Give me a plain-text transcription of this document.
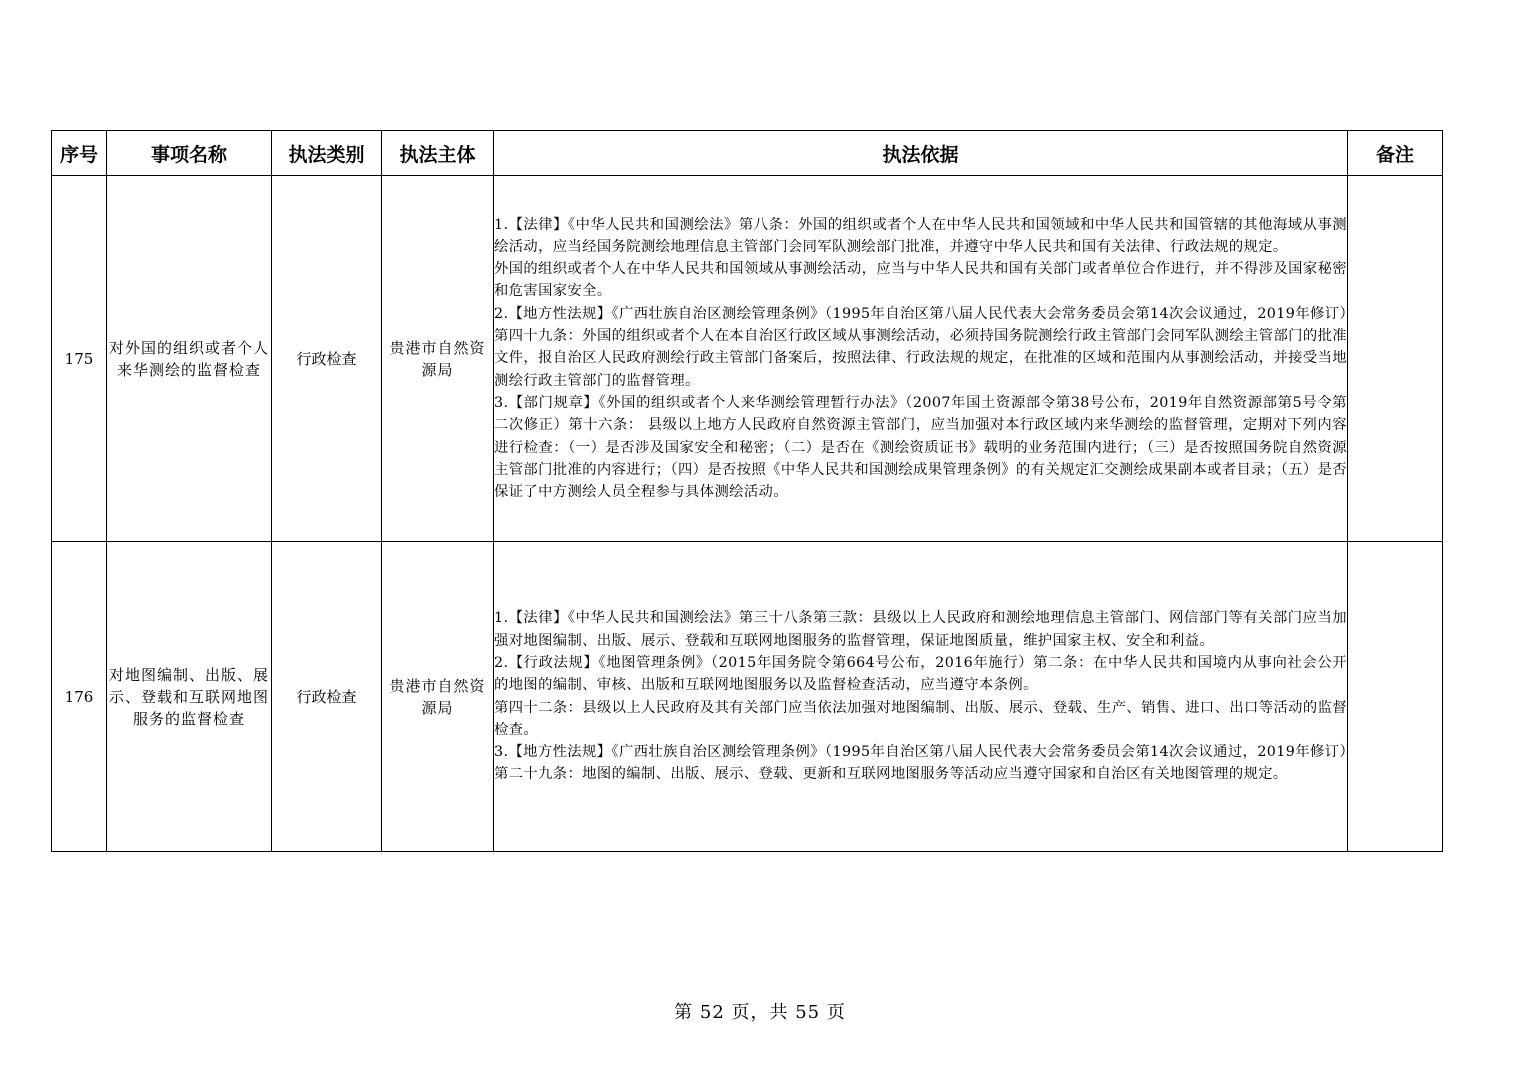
序号	事项名称	执法类别	执法主体	执法依据	备注
175	对外国的组织或者个人来华测绘的监督检查	行政检查	贵港市自然资源局	1.【法律】《中华人民共和国测绘法》第八条：外国的组织或者个人在中华人民共和国领域和中华人民共和国管辖的其他海域从事测绘活动，应当经国务院测绘地理信息主管部门会同军队测绘部门批准，并遵守中华人民共和国有关法律、行政法规的规定。

外国的组织或者个人在中华人民共和国领域从事测绘活动，应当与中华人民共和国有关部门或者单位合作进行，并不得涉及国家秘密和危害国家安全。

2.【地方性法规】《广西壮族自治区测绘管理条例》（1995年自治区第八届人民代表大会常务委员会第14次会议通过，2019年修订）第四十九条：外国的组织或者个人在本自治区行政区域从事测绘活动，必须持国务院测绘行政主管部门会同军队测绘主管部门的批准文件，报自治区人民政府测绘行政主管部门备案后，按照法律、行政法规的规定，在批准的区域和范围内从事测绘活动，并接受当地测绘行政主管部门的监督管理。

3.【部门规章】《外国的组织或者个人来华测绘管理暂行办法》（2007年国土资源部令第38号公布，2019年自然资源部第5号令第二次修正）第十六条： 县级以上地方人民政府自然资源主管部门，应当加强对本行政区域内来华测绘的监督管理，定期对下列内容进行检查：（一）是否涉及国家安全和秘密；（二）是否在《测绘资质证书》载明的业务范围内进行；（三）是否按照国务院自然资源主管部门批准的内容进行；（四）是否按照《中华人民共和国测绘成果管理条例》的有关规定汇交测绘成果副本或者目录；（五）是否保证了中方测绘人员全程参与具体测绘活动。	

176	对地图编制、出版、展示、登载和互联网地图服务的监督检查	行政检查	贵港市自然资源局	1.【法律】《中华人民共和国测绘法》第三十八条第三款：县级以上人民政府和测绘地理信息主管部门、网信部门等有关部门应当加强对地图编制、出版、展示、登载和互联网地图服务的监督管理，保证地图质量，维护国家主权、安全和利益。

2.【行政法规】《地图管理条例》（2015年国务院令第664号公布，2016年施行）第二条：在中华人民共和国境内从事向社会公开的地图的编制、审核、出版和互联网地图服务以及监督检查活动，应当遵守本条例。

第四十二条：县级以上人民政府及其有关部门应当依法加强对地图编制、出版、展示、登载、生产、销售、进口、出口等活动的监督检查。

3.【地方性法规】《广西壮族自治区测绘管理条例》（1995年自治区第八届人民代表大会常务委员会第14次会议通过，2019年修订）第二十九条：地图的编制、出版、展示、登载、更新和互联网地图服务等活动应当遵守国家和自治区有关地图管理的规定。	

第 52 页，共 55 页
